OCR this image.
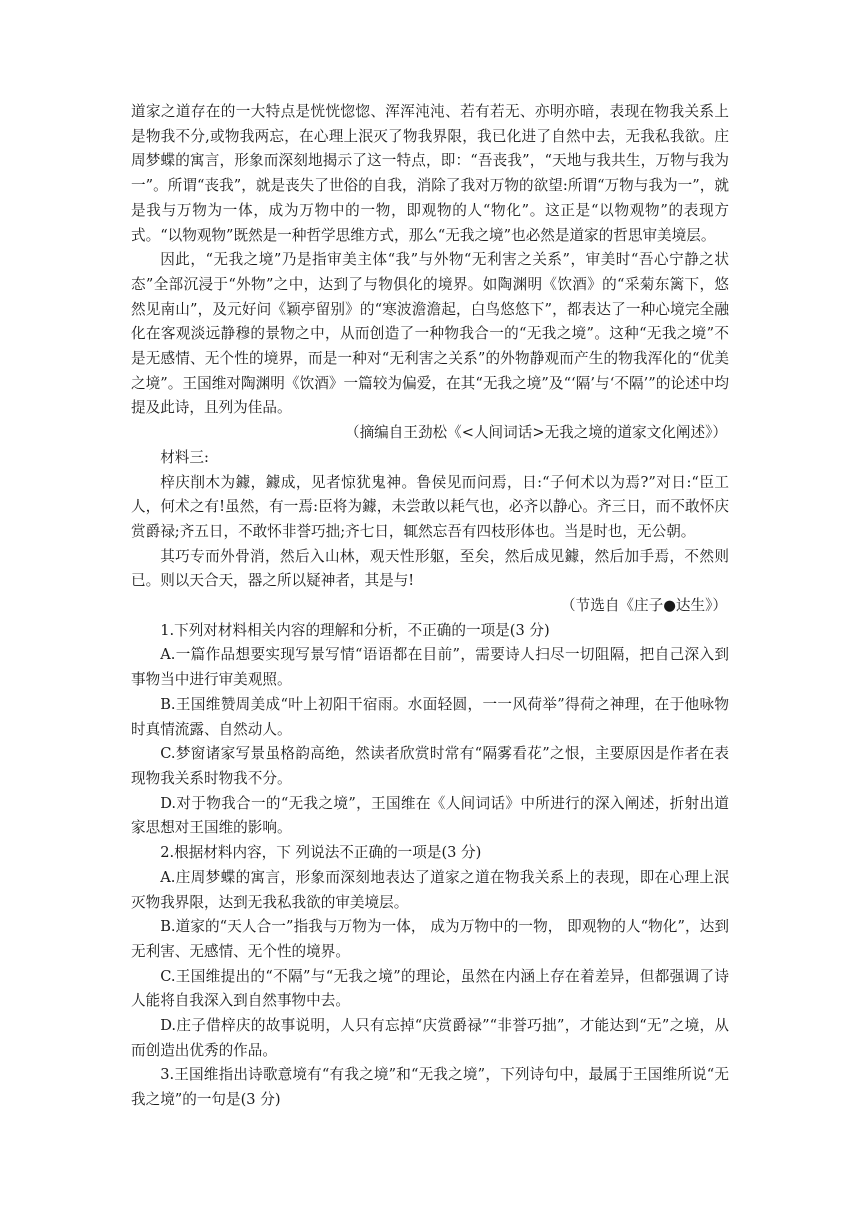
道家之道存在的一大特点是恍恍惚惚、浑浑沌沌、若有若无、亦明亦暗，表现在物我关系上是物我不分,或物我两忘，在心理上泯灭了物我界限，我已化进了自然中去，无我私我欲。庄周梦蝶的寓言，形象而深刻地揭示了这一特点，即：“吾丧我”，“天地与我共生，万物与我为一”。所谓“丧我”，就是丧失了世俗的自我，消除了我对万物的欲望:所谓“万物与我为一”，就是我与万物为一体，成为万物中的一物，即观物的人“物化”。这正是“以物观物”的表现方式。“以物观物”既然是一种哲学思维方式，那么“无我之境”也必然是道家的哲思审美境层。

因此，“无我之境”乃是指审美主体“我”与外物“无利害之关系”，审美时“吾心宁静之状态”全部沉浸于“外物”之中，达到了与物俱化的境界。如陶渊明《饮酒》的“采菊东篱下，悠然见南山”，及元好问《颖亭留别》的“寒波澹澹起，白鸟悠悠下”，都表达了一种心境完全融化在客观淡远静穆的景物之中，从而创造了一种物我合一的“无我之境”。这种“无我之境”不是无感情、无个性的境界，而是一种对“无利害之关系”的外物静观而产生的物我浑化的“优美之境”。王国维对陶渊明《饮酒》一篇较为偏爱，在其“无我之境”及“‘隔’与‘不隔’”的论述中均提及此诗，且列为佳品。

（摘编自王劲松《<人间词话>无我之境的道家文化阐述》）

材料三:

梓庆削木为鐻，鐻成，见者惊犹鬼神。鲁侯见而问焉，日:“子何术以为焉?”对日:“臣工人，何术之有!虽然，有一焉:臣将为鐻，未尝敢以耗气也，必齐以静心。齐三日，而不敢怀庆赏爵禄;齐五日，不敢怀非誉巧拙;齐七日，辄然忘吾有四枝形体也。当是时也，无公朝。

其巧专而外骨消，然后入山林，观天性形躯，至矣，然后成见鐻，然后加手焉，不然则已。则以天合天，器之所以疑神者，其是与!

（节选自《庄子●达生》）

1.下列对材料相关内容的理解和分析，不正确的一项是(3 分)

A.一篇作品想要实现写景写情“语语都在目前”，需要诗人扫尽一切阻隔，把自己深入到事物当中进行审美观照。

B.王国维赞周美成“叶上初阳干宿雨。水面轻圆，一一风荷举”得荷之神理，在于他咏物时真情流露、自然动人。

C.梦窗诸家写景虽格韵高绝，然读者欣赏时常有“隔雾看花”之恨，主要原因是作者在表现物我关系时物我不分。

D.对于物我合一的“无我之境”，王国维在《人间词话》中所进行的深入阐述，折射出道家思想对王国维的影响。

2.根据材料内容，下 列说法不正确的一项是(3 分)

A.庄周梦蝶的寓言，形象而深刻地表达了道家之道在物我关系上的表现，即在心理上泯灭物我界限，达到无我私我欲的审美境层。

B.道家的“天人合一”指我与万物为一体， 成为万物中的一物， 即观物的人“物化”，达到无利害、无感情、无个性的境界。

C.王国维提出的“不隔”与“无我之境”的理论，虽然在内涵上存在着差异，但都强调了诗人能将自我深入到自然事物中去。

D.庄子借梓庆的故事说明，人只有忘掉“庆赏爵禄”“非誉巧拙”，才能达到“无”之境，从而创造出优秀的作品。

3.王国维指出诗歌意境有“有我之境”和“无我之境”，下列诗句中，最属于王国维所说“无我之境”的一句是(3 分)
